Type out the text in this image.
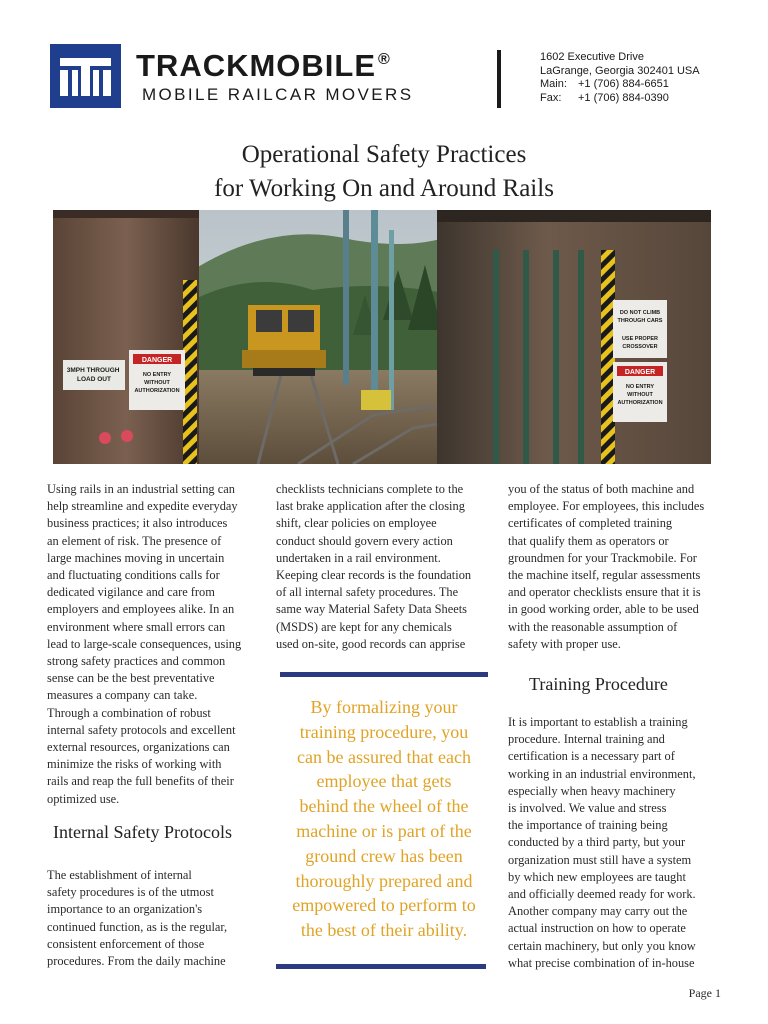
TRACKMOBILE ®
MOBILE RAILCAR MOVERS
1602 Executive Drive
LaGrange, Georgia 302401 USA
Main: +1 (706) 884-6651
Fax: +1 (706) 884-0390
Operational Safety Practices
for Working On and Around Rails
3MPH THROUGH LOAD OUT
DANGER
NO ENTRY WITHOUT AUTHORIZATION
DO NOT CLIMB THROUGH CARS
USE PROPER CROSSOVER
DANGER
NO ENTRY WITHOUT AUTHORIZATION

Using rails in an industrial setting can
help streamline and expedite everyday
business practices; it also introduces
an element of risk. The presence of
large machines moving in uncertain
and fluctuating conditions calls for
dedicated vigilance and care from
employers and employees alike. In an
environment where small errors can
lead to large-scale consequences, using
strong safety practices and common
sense can be the best preventative
measures a company can take.
Through a combination of robust
internal safety protocols and excellent
external resources, organizations can
minimize the risks of working with
rails and reap the full benefits of their
optimized use.

Internal Safety Protocols

The establishment of internal
safety procedures is of the utmost
importance to an organization's
continued function, as is the regular,
consistent enforcement of those
procedures. From the daily machine

checklists technicians complete to the
last brake application after the closing
shift, clear policies on employee
conduct should govern every action
undertaken in a rail environment.
Keeping clear records is the foundation
of all internal safety procedures. The
same way Material Safety Data Sheets
(MSDS) are kept for any chemicals
used on-site, good records can apprise

By formalizing your
training procedure, you
can be assured that each
employee that gets
behind the wheel of the
machine or is part of the
ground crew has been
thoroughly prepared and
empowered to perform to
the best of their ability.

you of the status of both machine and
employee. For employees, this includes
certificates of completed training
that qualify them as operators or
groundmen for your Trackmobile. For
the machine itself, regular assessments
and operator checklists ensure that it is
in good working order, able to be used
with the reasonable assumption of
safety with proper use.

Training Procedure

It is important to establish a training
procedure. Internal training and
certification is a necessary part of
working in an industrial environment,
especially when heavy machinery
is involved. We value and stress
the importance of training being
conducted by a third party, but your
organization must still have a system
by which new employees are taught
and officially deemed ready for work.
Another company may carry out the
actual instruction on how to operate
certain machinery, but only you know
what precise combination of in-house

Page 1
